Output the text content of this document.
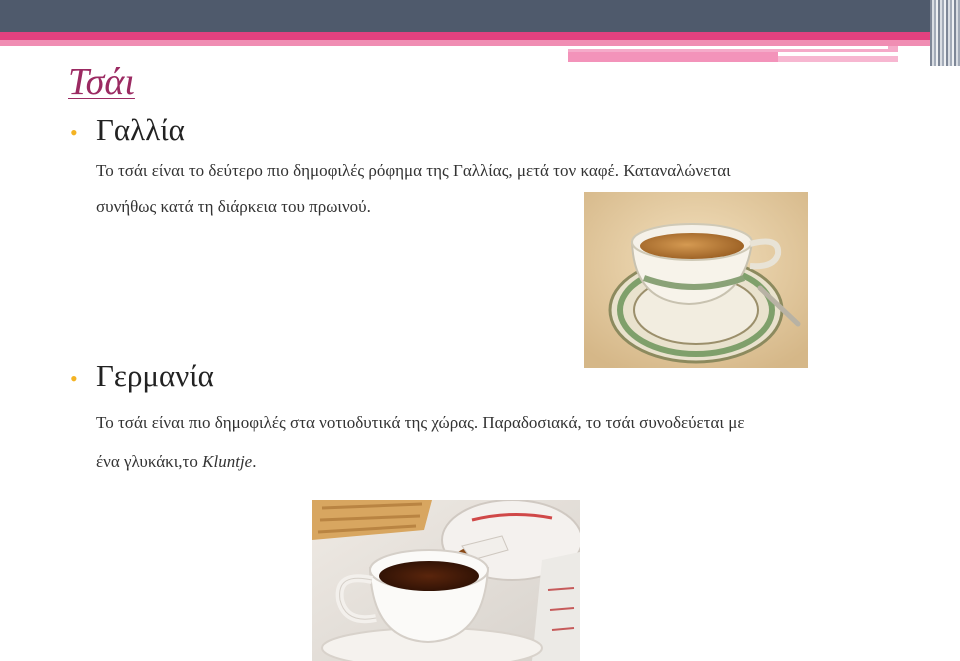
Τσάι
• Γαλλία
Το τσάι είναι το δεύτερο πιο δημοφιλές ρόφημα της Γαλλίας, μετά τον καφέ. Καταναλώνεται
συνήθως κατά τη διάρκεια του πρωινού.
• Γερμανία
Το τσάι είναι πιο δημοφιλές στα νοτιοδυτικά της χώρας. Παραδοσιακά, το τσάι συνοδεύεται με
ένα γλυκάκι,το Kluntje.
